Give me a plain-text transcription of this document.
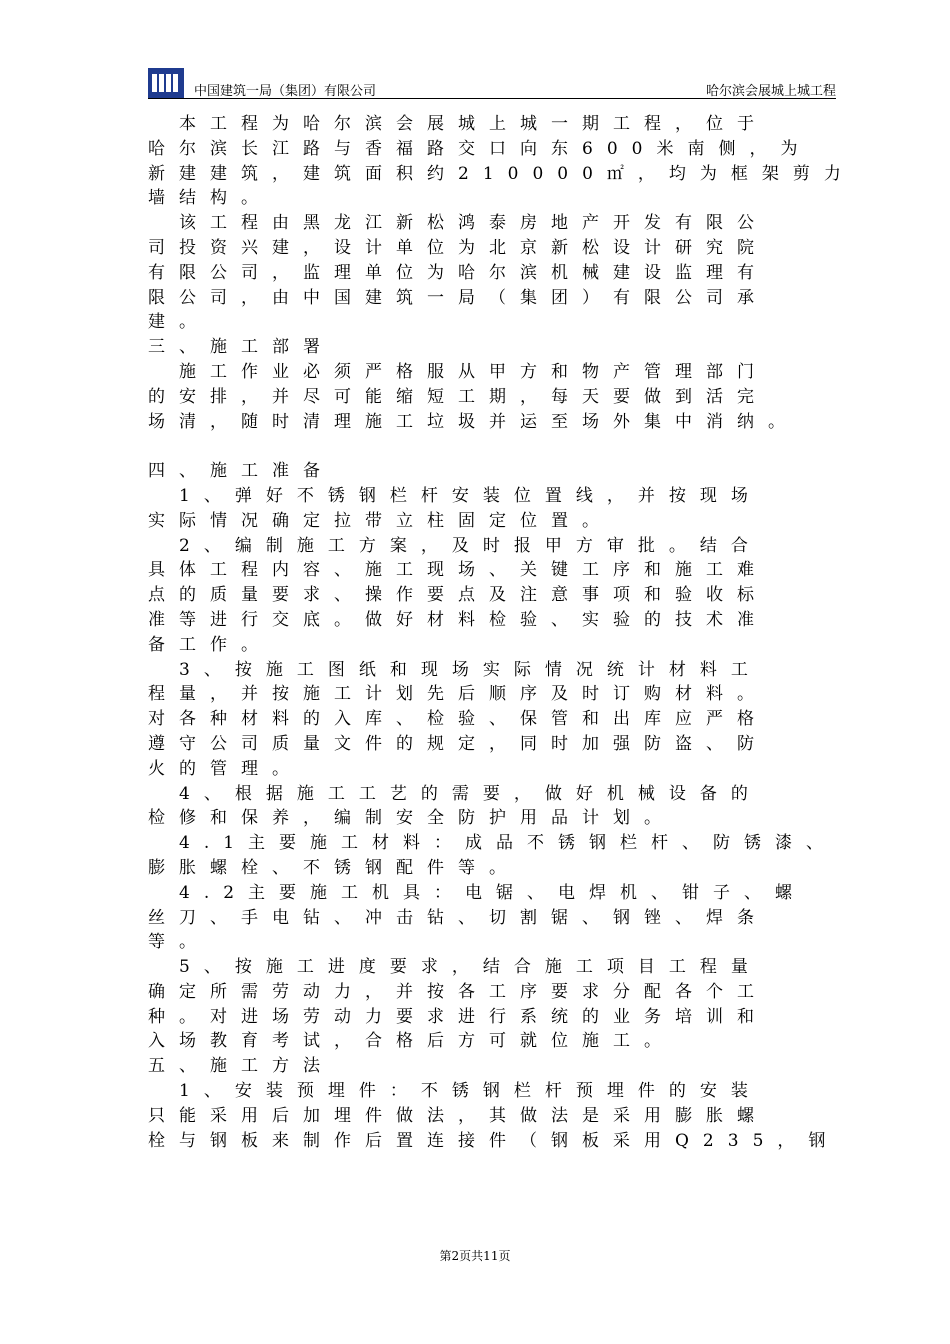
中国建筑一局（集团）有限公司	哈尔滨会展城上城工程
　本工程为哈尔滨会展城上城一期工程，位于
哈尔滨长江路与香福路交口向东600米南侧，为
新建建筑，建筑面积约210000㎡，均为框架剪力
墙结构。
　该工程由黑龙江新松鸿泰房地产开发有限公
司投资兴建，设计单位为北京新松设计研究院
有限公司，监理单位为哈尔滨机械建设监理有
限公司，由中国建筑一局（集团）有限公司承
建。
三、施工部署
　施工作业必须严格服从甲方和物产管理部门
的安排，并尽可能缩短工期，每天要做到活完
场清，随时清理施工垃圾并运至场外集中消纳。
四、施工准备
　1、弹好不锈钢栏杆安装位置线，并按现场
实际情况确定拉带立柱固定位置。
　2、编制施工方案，及时报甲方审批。结合
具体工程内容、施工现场、关键工序和施工难
点的质量要求、操作要点及注意事项和验收标
准等进行交底。做好材料检验、实验的技术准
备工作。
　3、按施工图纸和现场实际情况统计材料工
程量，并按施工计划先后顺序及时订购材料。
对各种材料的入库、检验、保管和出库应严格
遵守公司质量文件的规定，同时加强防盗、防
火的管理。
　4、根据施工工艺的需要，做好机械设备的
检修和保养，编制安全防护用品计划。
　4.1主要施工材料：成品不锈钢栏杆、防锈漆、
膨胀螺栓、不锈钢配件等。
　4.2主要施工机具：电锯、电焊机、钳子、螺
丝刀、手电钻、冲击钻、切割锯、钢锉、焊条
等。
　5、按施工进度要求，结合施工项目工程量
确定所需劳动力，并按各工序要求分配各个工
种。对进场劳动力要求进行系统的业务培训和
入场教育考试，合格后方可就位施工。
五、施工方法
　1、安装预埋件：不锈钢栏杆预埋件的安装
只能采用后加埋件做法，其做法是采用膨胀螺
栓与钢板来制作后置连接件（钢板采用Q235，钢
第2页共11页
